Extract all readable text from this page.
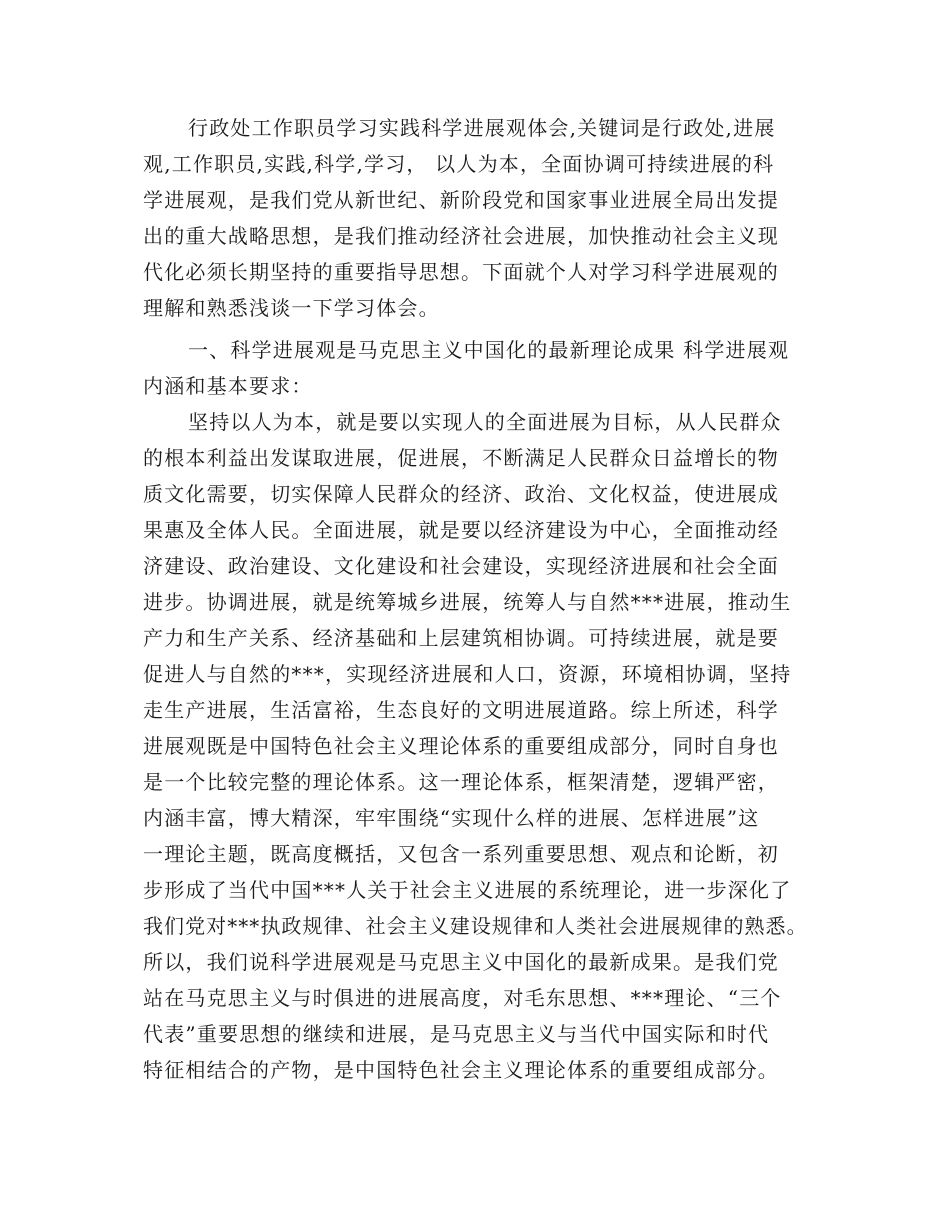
行政处工作职员学习实践科学进展观体会,关键词是行政处,进展
观,工作职员,实践,科学,学习， 以人为本，全面协调可持续进展的科
学进展观，是我们党从新世纪、新阶段党和国家事业进展全局出发提
出的重大战略思想，是我们推动经济社会进展，加快推动社会主义现
代化必须长期坚持的重要指导思想。下面就个人对学习科学进展观的
理解和熟悉浅谈一下学习体会。
一、科学进展观是马克思主义中国化的最新理论成果 科学进展观
内涵和基本要求：
坚持以人为本，就是要以实现人的全面进展为目标，从人民群众
的根本利益出发谋取进展，促进展，不断满足人民群众日益增长的物
质文化需要，切实保障人民群众的经济、政治、文化权益，使进展成
果惠及全体人民。全面进展，就是要以经济建设为中心，全面推动经
济建设、政治建设、文化建设和社会建设，实现经济进展和社会全面
进步。协调进展，就是统筹城乡进展，统筹人与自然***进展，推动生
产力和生产关系、经济基础和上层建筑相协调。可持续进展，就是要
促进人与自然的***，实现经济进展和人口，资源，环境相协调，坚持
走生产进展，生活富裕，生态良好的文明进展道路。综上所述，科学
进展观既是中国特色社会主义理论体系的重要组成部分，同时自身也
是一个比较完整的理论体系。这一理论体系，框架清楚，逻辑严密，
内涵丰富，博大精深，牢牢围绕“实现什么样的进展、怎样进展”这
一理论主题，既高度概括，又包含一系列重要思想、观点和论断，初
步形成了当代中国***人关于社会主义进展的系统理论，进一步深化了
我们党对***执政规律、社会主义建设规律和人类社会进展规律的熟悉。
所以，我们说科学进展观是马克思主义中国化的最新成果。是我们党
站在马克思主义与时俱进的进展高度，对毛东思想、***理论、“三个
代表”重要思想的继续和进展，是马克思主义与当代中国实际和时代
特征相结合的产物，是中国特色社会主义理论体系的重要组成部分。
